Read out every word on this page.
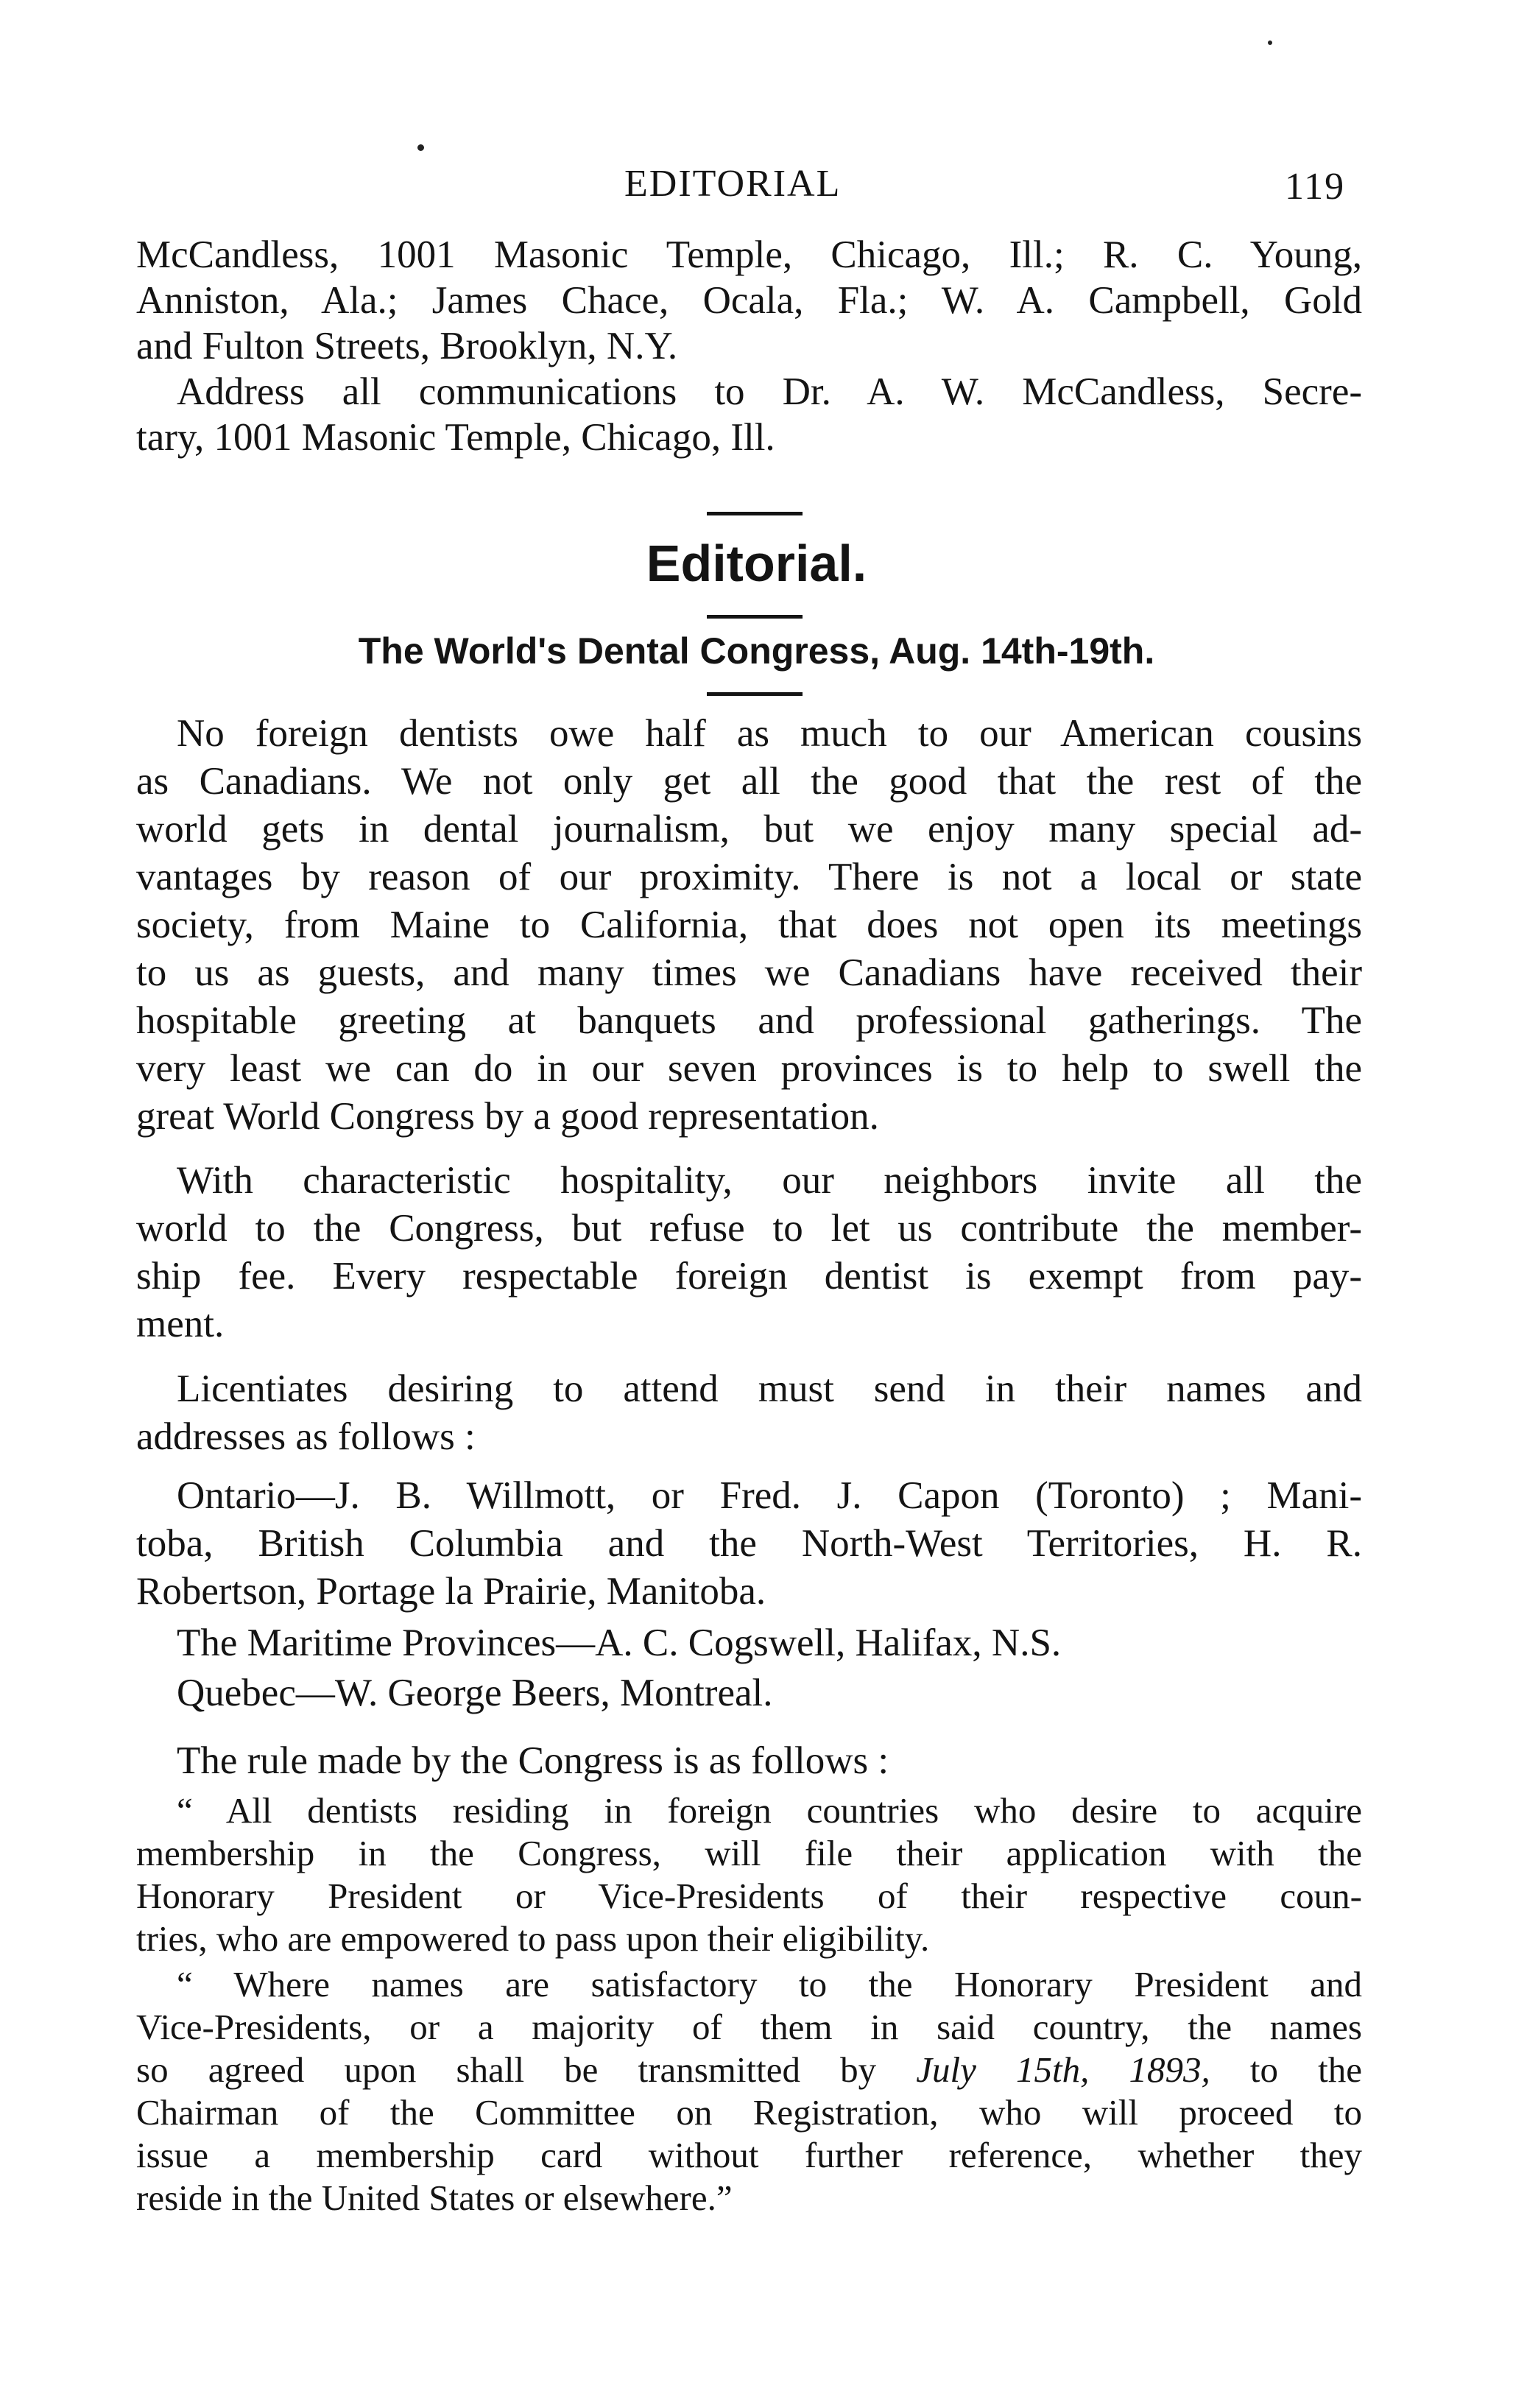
EDITORIAL	119
McCandless, 1001 Masonic Temple, Chicago, Ill.; R. C. Young,
Anniston, Ala.; James Chace, Ocala, Fla.; W. A. Campbell, Gold
and Fulton Streets, Brooklyn, N.Y.
Address all communications to Dr. A. W. McCandless, Secre-
tary, 1001 Masonic Temple, Chicago, Ill.
Editorial.
The World's Dental Congress, Aug. 14th-19th.
No foreign dentists owe half as much to our American cousins
as Canadians. We not only get all the good that the rest of the
world gets in dental journalism, but we enjoy many special ad-
vantages by reason of our proximity. There is not a local or state
society, from Maine to California, that does not open its meetings
to us as guests, and many times we Canadians have received their
hospitable greeting at banquets and professional gatherings. The
very least we can do in our seven provinces is to help to swell the
great World Congress by a good representation.
With characteristic hospitality, our neighbors invite all the
world to the Congress, but refuse to let us contribute the member-
ship fee. Every respectable foreign dentist is exempt from pay-
ment.
Licentiates desiring to attend must send in their names and
addresses as follows :
Ontario—J. B. Willmott, or Fred. J. Capon (Toronto) ; Mani-
toba, British Columbia and the North-West Territories, H. R.
Robertson, Portage la Prairie, Manitoba.
The Maritime Provinces—A. C. Cogswell, Halifax, N.S.
Quebec—W. George Beers, Montreal.
The rule made by the Congress is as follows :
“ All dentists residing in foreign countries who desire to acquire
membership in the Congress, will file their application with the
Honorary President or Vice-Presidents of their respective coun-
tries, who are empowered to pass upon their eligibility.
“ Where names are satisfactory to the Honorary President and
Vice-Presidents, or a majority of them in said country, the names
so agreed upon shall be transmitted by July 15th, 1893, to the
Chairman of the Committee on Registration, who will proceed to
issue a membership card without further reference, whether they
reside in the United States or elsewhere.”
